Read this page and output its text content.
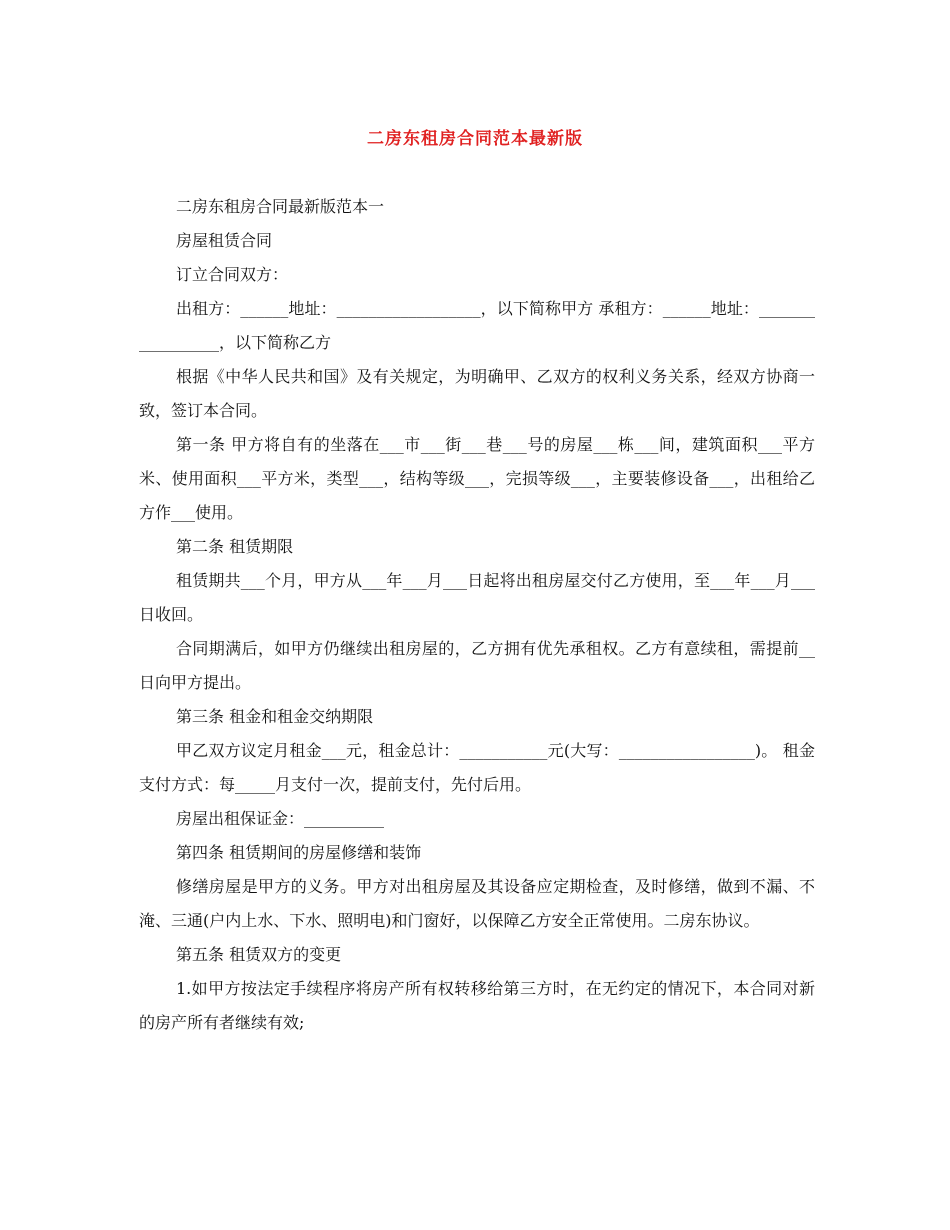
二房东租房合同范本最新版

二房东租房合同最新版范本一

房屋租赁合同

订立合同双方：

出租方：______地址：__________________，以下简称甲方 承租方：______地址：_________________，以下简称乙方

根据《中华人民共和国》及有关规定，为明确甲、乙双方的权利义务关系，经双方协商一致，签订本合同。

第一条 甲方将自有的坐落在___市___街___巷___号的房屋___栋___间，建筑面积___平方米、使用面积___平方米，类型___，结构等级___，完损等级___，主要装修设备___，出租给乙方作___使用。

第二条 租赁期限

租赁期共___个月，甲方从___年___月___日起将出租房屋交付乙方使用，至___年___月___日收回。

合同期满后，如甲方仍继续出租房屋的，乙方拥有优先承租权。乙方有意续租，需提前__日向甲方提出。

第三条 租金和租金交纳期限

甲乙双方议定月租金___元，租金总计：___________元(大写：_________________)。 租金支付方式：每_____月支付一次，提前支付，先付后用。

房屋出租保证金：__________

第四条 租赁期间的房屋修缮和装饰

修缮房屋是甲方的义务。甲方对出租房屋及其设备应定期检查，及时修缮，做到不漏、不淹、三通(户内上水、下水、照明电)和门窗好，以保障乙方安全正常使用。二房东协议。

第五条 租赁双方的变更

1.如甲方按法定手续程序将房产所有权转移给第三方时，在无约定的情况下，本合同对新的房产所有者继续有效;
